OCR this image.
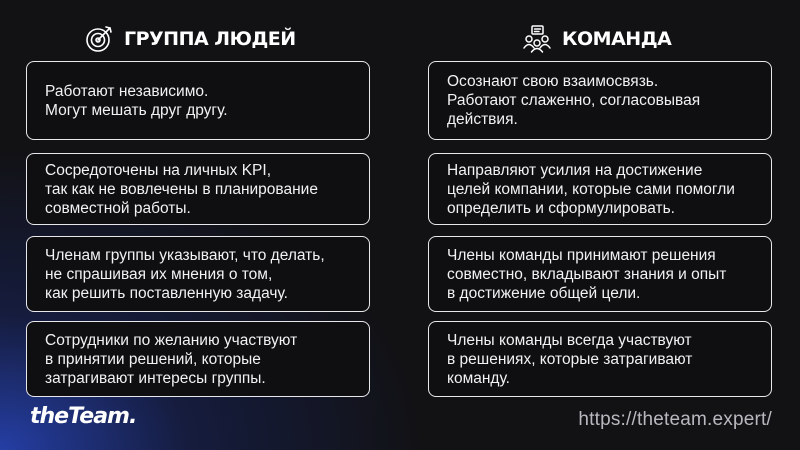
ГРУППА ЛЮДЕЙ	КОМАНДА
Работают независимо.
Могут мешать друг другу.
Сосредоточены на личных KPI,
так как не вовлечены в планирование
совместной работы.
Членам группы указывают, что делать,
не спрашивая их мнения о том,
как решить поставленную задачу.
Сотрудники по желанию участвуют
в принятии решений, которые
затрагивают интересы группы.
Осознают свою взаимосвязь.
Работают слаженно, согласовывая
действия.
Направляют усилия на достижение
целей компании, которые сами помогли
определить и сформулировать.
Члены команды принимают решения
совместно, вкладывают знания и опыт
в достижение общей цели.
Члены команды всегда участвуют
в решениях, которые затрагивают
команду.
theTeam.	https://theteam.expert/
